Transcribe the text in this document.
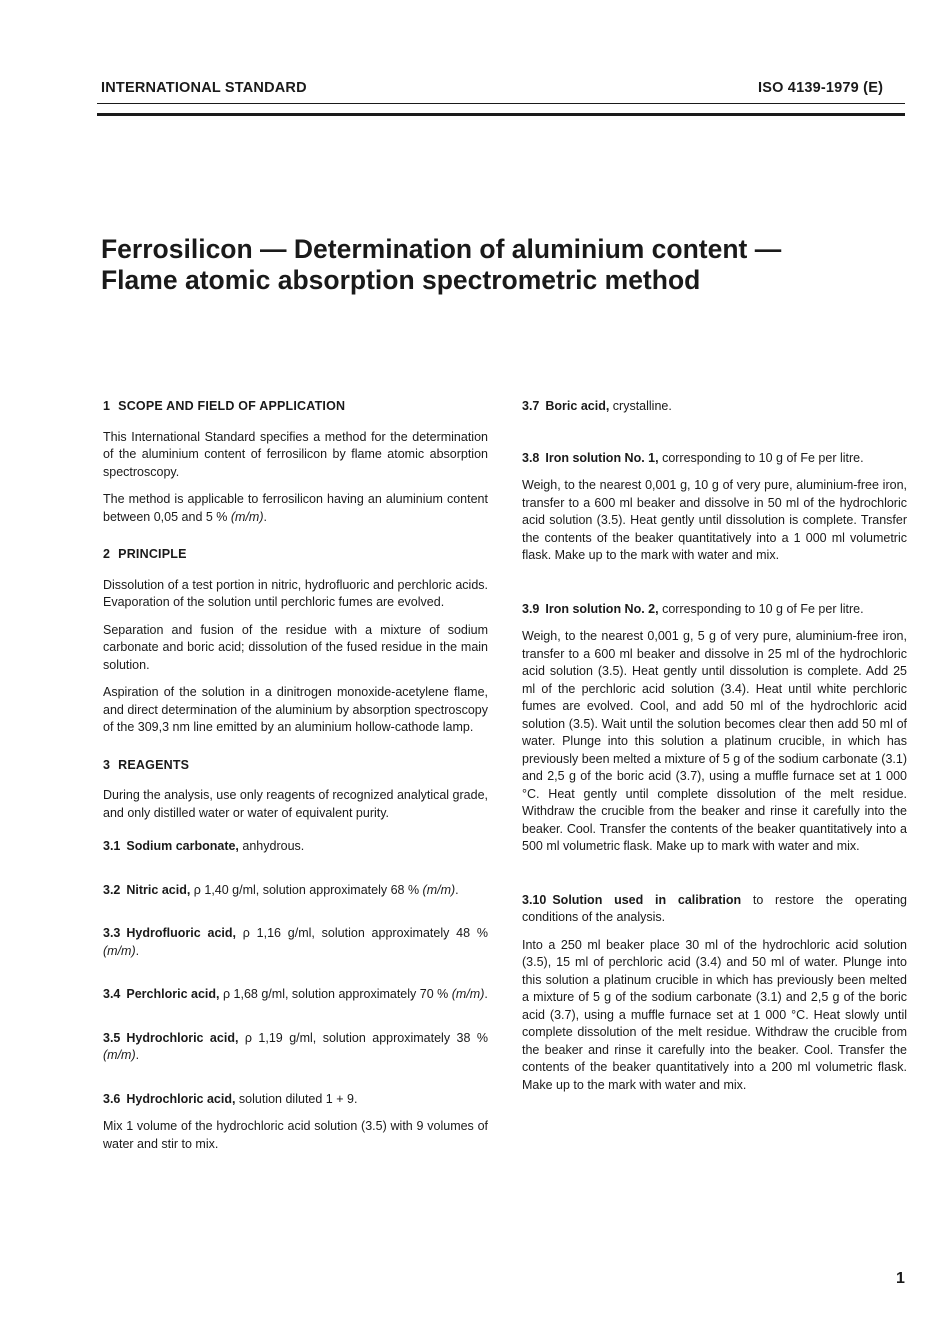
INTERNATIONAL STANDARD	ISO 4139-1979 (E)
Ferrosilicon — Determination of aluminium content —
Flame atomic absorption spectrometric method
1 SCOPE AND FIELD OF APPLICATION

This International Standard specifies a method for the determination of the aluminium content of ferrosilicon by flame atomic absorption spectroscopy.

The method is applicable to ferrosilicon having an aluminium content between 0,05 and 5 % (m/m).

2 PRINCIPLE

Dissolution of a test portion in nitric, hydrofluoric and perchloric acids. Evaporation of the solution until perchloric fumes are evolved.

Separation and fusion of the residue with a mixture of sodium carbonate and boric acid; dissolution of the fused residue in the main solution.

Aspiration of the solution in a dinitrogen monoxide-acetylene flame, and direct determination of the aluminium by absorption spectroscopy of the 309,3 nm line emitted by an aluminium hollow-cathode lamp.

3 REAGENTS

During the analysis, use only reagents of recognized analytical grade, and only distilled water or water of equivalent purity.

3.1 Sodium carbonate, anhydrous.

3.2 Nitric acid, ρ 1,40 g/ml, solution approximately 68 % (m/m).

3.3 Hydrofluoric acid, ρ 1,16 g/ml, solution approximately 48 % (m/m).

3.4 Perchloric acid, ρ 1,68 g/ml, solution approximately 70 % (m/m).

3.5 Hydrochloric acid, ρ 1,19 g/ml, solution approximately 38 % (m/m).

3.6 Hydrochloric acid, solution diluted 1 + 9.

Mix 1 volume of the hydrochloric acid solution (3.5) with 9 volumes of water and stir to mix.

3.7 Boric acid, crystalline.

3.8 Iron solution No. 1, corresponding to 10 g of Fe per litre.

Weigh, to the nearest 0,001 g, 10 g of very pure, aluminium-free iron, transfer to a 600 ml beaker and dissolve in 50 ml of the hydrochloric acid solution (3.5). Heat gently until dissolution is complete. Transfer the contents of the beaker quantitatively into a 1 000 ml volumetric flask. Make up to the mark with water and mix.

3.9 Iron solution No. 2, corresponding to 10 g of Fe per litre.

Weigh, to the nearest 0,001 g, 5 g of very pure, aluminium-free iron, transfer to a 600 ml beaker and dissolve in 25 ml of the hydrochloric acid solution (3.5). Heat gently until dissolution is complete. Add 25 ml of the perchloric acid solution (3.4). Heat until white perchloric fumes are evolved. Cool, and add 50 ml of the hydrochloric acid solution (3.5). Wait until the solution becomes clear then add 50 ml of water. Plunge into this solution a platinum crucible, in which has previously been melted a mixture of 5 g of the sodium carbonate (3.1) and 2,5 g of the boric acid (3.7), using a muffle furnace set at 1 000 °C. Heat gently until complete dissolution of the melt residue. Withdraw the crucible from the beaker and rinse it carefully into the beaker. Cool. Transfer the contents of the beaker quantitatively into a 500 ml volumetric flask. Make up to mark with water and mix.

3.10 Solution used in calibration to restore the operating conditions of the analysis.

Into a 250 ml beaker place 30 ml of the hydrochloric acid solution (3.5), 15 ml of perchloric acid (3.4) and 50 ml of water. Plunge into this solution a platinum crucible in which has previously been melted a mixture of 5 g of the sodium carbonate (3.1) and 2,5 g of the boric acid (3.7), using a muffle furnace set at 1 000 °C. Heat slowly until complete dissolution of the melt residue. Withdraw the crucible from the beaker and rinse it carefully into the beaker. Cool. Transfer the contents of the beaker quantitatively into a 200 ml volumetric flask. Make up to the mark with water and mix.

1
